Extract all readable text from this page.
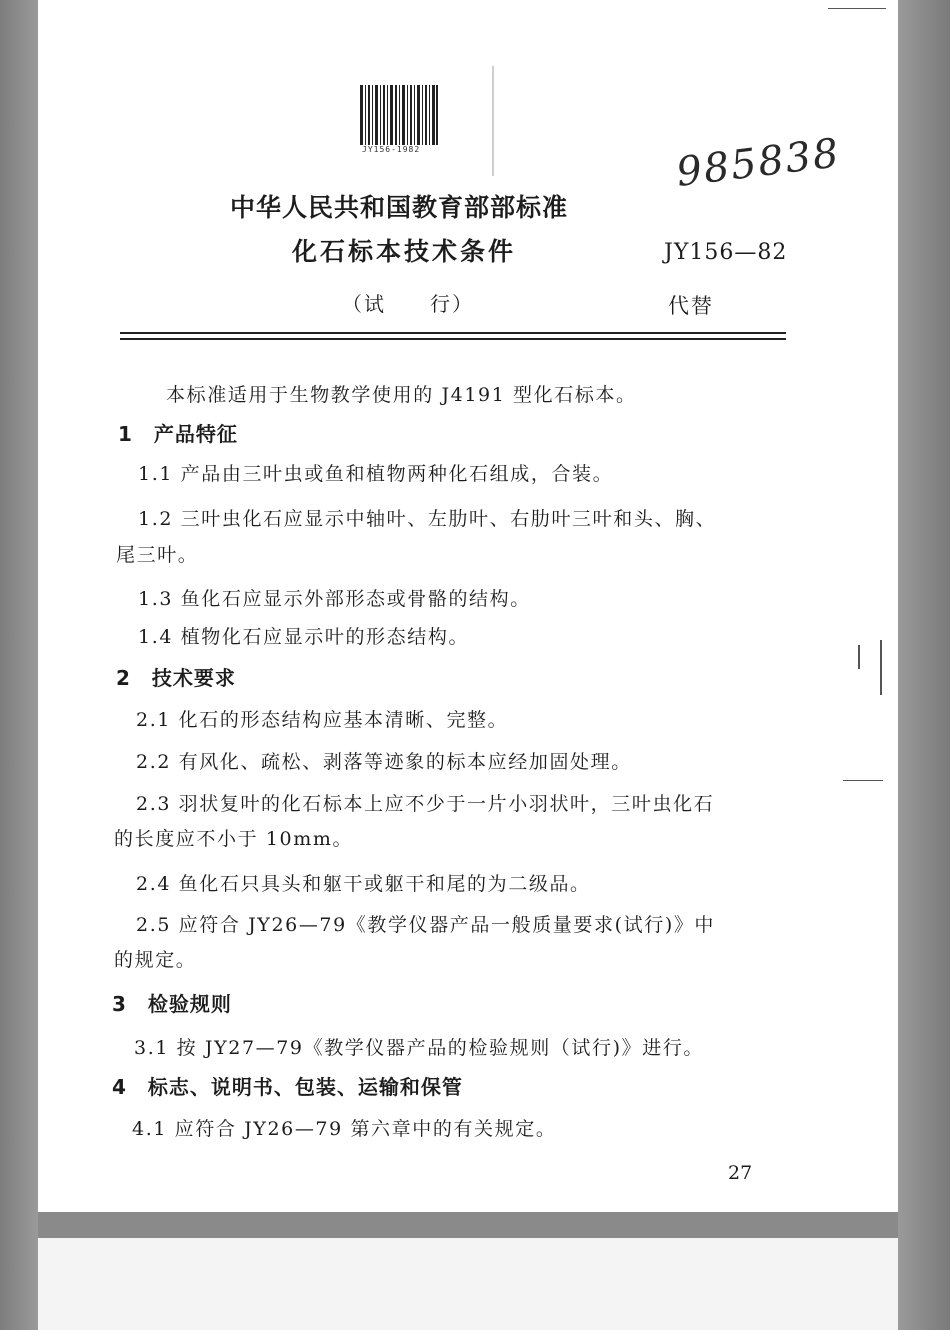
JY156-1982	985838

中华人民共和国教育部部标准

化石标本技术条件

（试　　行）

JY156—82

代替

本标准适用于生物教学使用的 J4191 型化石标本。

1　产品特征

1.1 产品由三叶虫或鱼和植物两种化石组成，合装。

1.2 三叶虫化石应显示中轴叶、左肋叶、右肋叶三叶和头、胸、

尾三叶。

1.3 鱼化石应显示外部形态或骨骼的结构。

1.4 植物化石应显示叶的形态结构。

2　技术要求

2.1 化石的形态结构应基本清晰、完整。

2.2 有风化、疏松、剥落等迹象的标本应经加固处理。

2.3 羽状复叶的化石标本上应不少于一片小羽状叶，三叶虫化石

的长度应不小于 10mm。

2.4 鱼化石只具头和躯干或躯干和尾的为二级品。

2.5 应符合 JY26—79《教学仪器产品一般质量要求(试行)》中

的规定。

3　检验规则

3.1 按 JY27—79《教学仪器产品的检验规则（试行)》进行。

4　标志、说明书、包装、运输和保管

4.1 应符合 JY26—79 第六章中的有关规定。

27
